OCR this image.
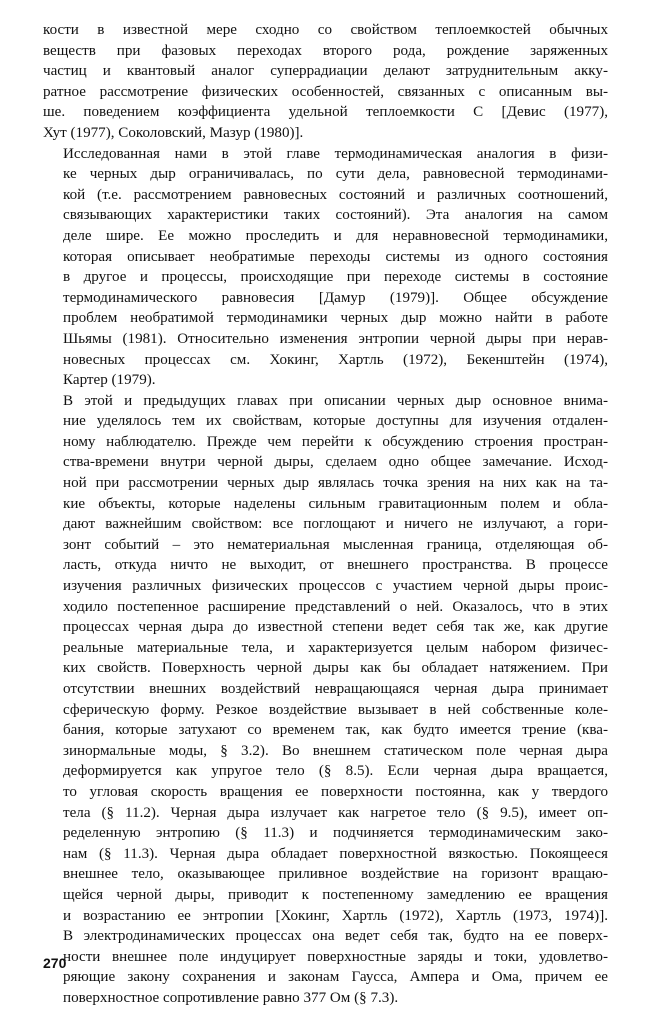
кости в известной мере сходно со свойством теплоемкостей обычных
веществ при фазовых переходах второго рода, рождение заряженных
частиц и квантовый аналог суперрадиации делают затруднительным акку-
ратное рассмотрение физических особенностей, связанных с описанным вы-
ше. поведением коэффициента удельной теплоемкости C [Девис (1977),
Хут (1977), Соколовский, Мазур (1980)].

Исследованная нами в этой главе термодинамическая аналогия в физи-
ке черных дыр ограничивалась, по сути дела, равновесной термодинами-
кой (т.е. рассмотрением равновесных состояний и различных соотношений,
связывающих характеристики таких состояний). Эта аналогия на самом
деле шире. Ее можно проследить и для неравновесной термодинамики,
которая описывает необратимые переходы системы из одного состояния
в другое и процессы, происходящие при переходе системы в состояние
термодинамического равновесия [Дамур (1979)]. Общее обсуждение
проблем необратимой термодинамики черных дыр можно найти в работе
Шьямы (1981). Относительно изменения энтропии черной дыры при нерав-
новесных процессах см. Хокинг, Хартль (1972), Бекенштейн (1974),
Картер (1979).

В этой и предыдущих главах при описании черных дыр основное внима-
ние уделялось тем их свойствам, которые доступны для изучения отдален-
ному наблюдателю. Прежде чем перейти к обсуждению строения простран-
ства-времени внутри черной дыры, сделаем одно общее замечание. Исход-
ной при рассмотрении черных дыр являлась точка зрения на них как на та-
кие объекты, которые наделены сильным гравитационным полем и обла-
дают важнейшим свойством: все поглощают и ничего не излучают, а гори-
зонт событий – это нематериальная мысленная граница, отделяющая об-
ласть, откуда ничто не выходит, от внешнего пространства. В процессе
изучения различных физических процессов с участием черной дыры проис-
ходило постепенное расширение представлений о ней. Оказалось, что в этих
процессах черная дыра до известной степени ведет себя так же, как другие
реальные материальные тела, и характеризуется целым набором физичес-
ких свойств. Поверхность черной дыры как бы обладает натяжением. При
отсутствии внешних воздействий невращающаяся черная дыра принимает
сферическую форму. Резкое воздействие вызывает в ней собственные коле-
бания, которые затухают со временем так, как будто имеется трение (ква-
зинормальные моды, § 3.2). Во внешнем статическом поле черная дыра
деформируется как упругое тело (§ 8.5). Если черная дыра вращается,
то угловая скорость вращения ее поверхности постоянна, как у твердого
тела (§ 11.2). Черная дыра излучает как нагретое тело (§ 9.5), имеет оп-
ределенную энтропию (§ 11.3) и подчиняется термодинамическим зако-
нам (§ 11.3). Черная дыра обладает поверхностной вязкостью. Покоящееся
внешнее тело, оказывающее приливное воздействие на горизонт вращаю-
щейся черной дыры, приводит к постепенному замедлению ее вращения
и возрастанию ее энтропии [Хокинг, Хартль (1972), Хартль (1973, 1974)].
В электродинамических процессах она ведет себя так, будто на ее поверх-
ности внешнее поле индуцирует поверхностные заряды и токи, удовлетво-
ряющие закону сохранения и законам Гаусса, Ампера и Ома, причем ее
поверхностное сопротивление равно 377 Ом (§ 7.3).

270
